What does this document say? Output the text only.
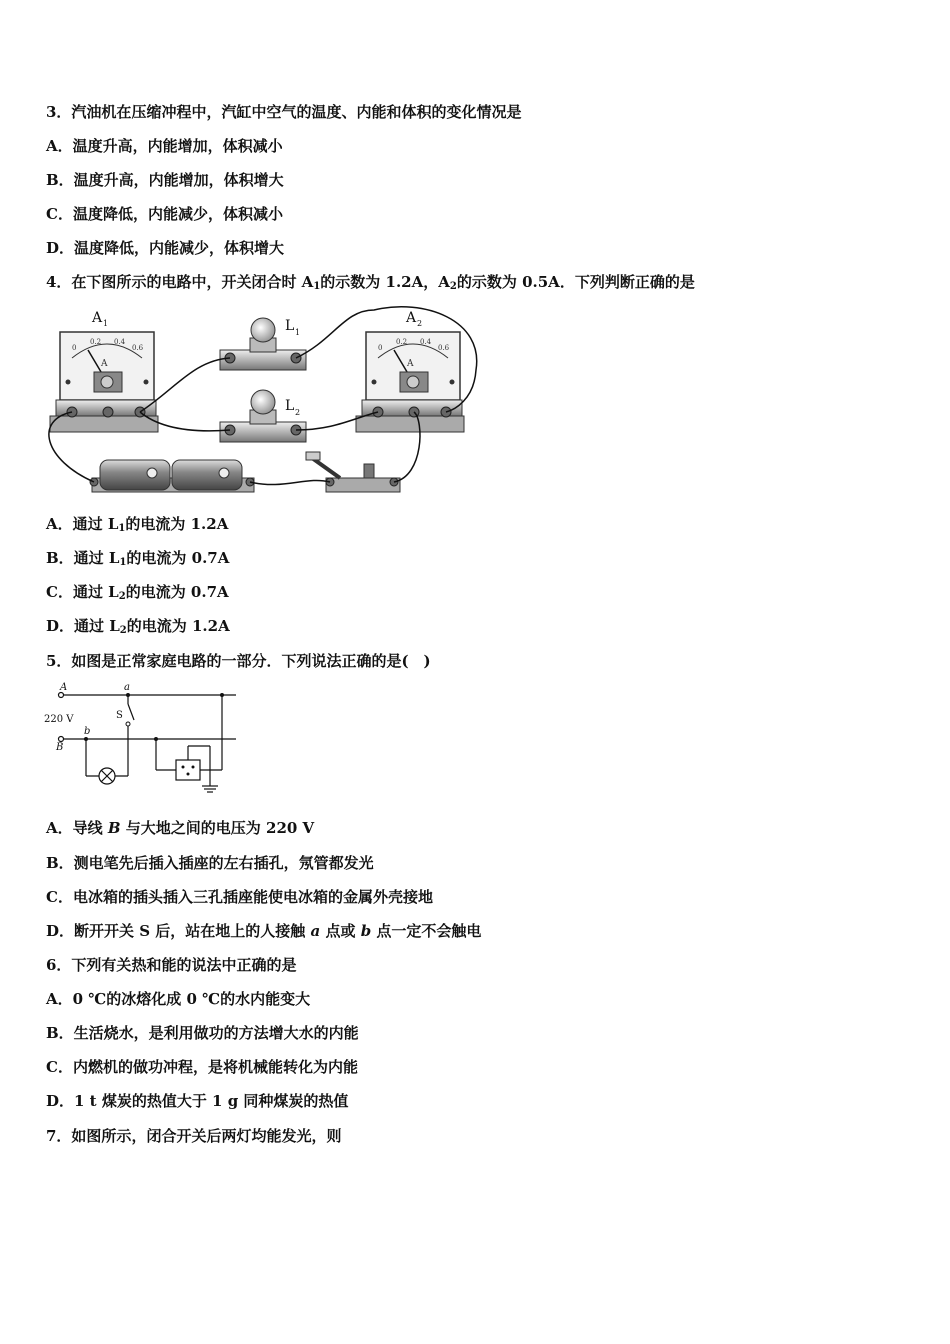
3．汽油机在压缩冲程中，汽缸中空气的温度、内能和体积的变化情况是
A．温度升高，内能增加，体积减小
B．温度升高，内能增加，体积增大
C．温度降低，内能减少，体积减小
D．温度降低，内能减少，体积增大
4．在下图所示的电路中，开关闭合时 $A_1$的示数为 1.2A，$A_2$的示数为 0.5A．下列判断正确的是
0
0.2 0.4
0.6
A
A 1
0
0.2 0.4
0.6
A
A 2
L 1
L 2
A．通过 $L_1$的电流为 1.2A
B．通过 $L_1$的电流为 0.7A
C．通过 $L_2$的电流为 0.7A
D．通过 $L_2$的电流为 1.2A
5．如图是正常家庭电路的一部分．下列说法正确的是(　)
A
B
220 V	S
a
b
A．导线 B 与大地之间的电压为 220 V
B．测电笔先后插入插座的左右插孔，氖管都发光
C．电冰箱的插头插入三孔插座能使电冰箱的金属外壳接地
D．断开开关 S 后，站在地上的人接触 a 点或 b 点一定不会触电
6．下列有关热和能的说法中正确的是
A．0 ℃的冰熔化成 0 ℃的水内能变大
B．生活烧水，是利用做功的方法增大水的内能
C．内燃机的做功冲程，是将机械能转化为内能
D．1 t 煤炭的热值大于 1 g 同种煤炭的热值
7．如图所示，闭合开关后两灯均能发光，则
